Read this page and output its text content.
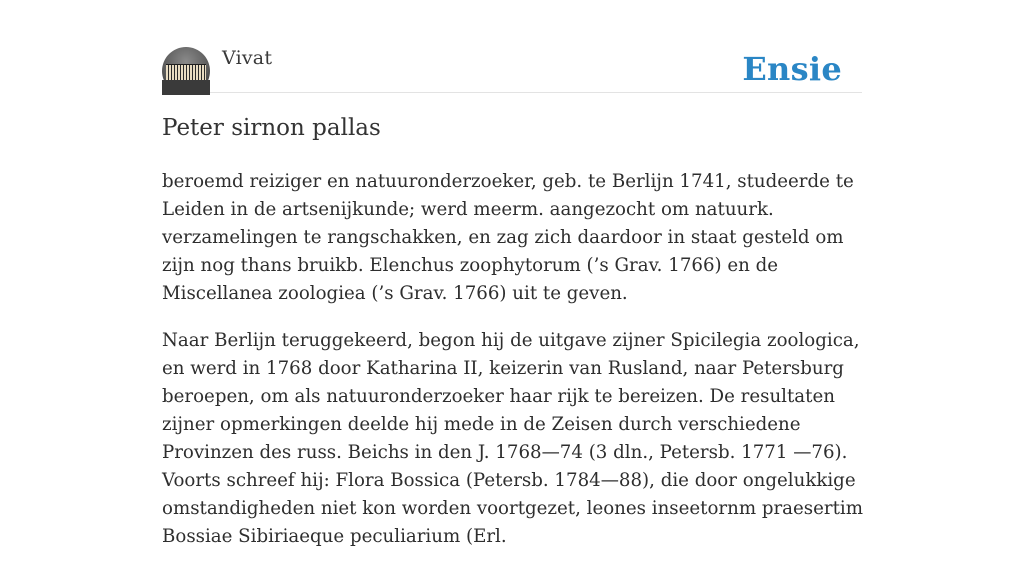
Vivat	Ensie
Peter sirnon pallas

beroemd reiziger en natuuronderzoeker, geb. te Berlijn 1741, studeerde te Leiden in de artsenijkunde; werd meerm. aangezocht om natuurk. verzamelingen te rangschakken, en zag zich daardoor in staat gesteld om zijn nog thans bruikb. Elenchus zoophytorum (’s Grav. 1766) en de Miscellanea zoologiea (’s Grav. 1766) uit te geven.

Naar Berlijn teruggekeerd, begon hij de uitgave zijner Spicilegia zoologica, en werd in 1768 door Katharina II, keizerin van Rusland, naar Petersburg beroepen, om als natuuronderzoeker haar rijk te bereizen. De resultaten zijner opmerkingen deelde hij mede in de Zeisen durch verschiedene Provinzen des russ. Beichs in den J. 1768—74 (3 dln., Petersb. 1771 —76). Voorts schreef hij: Flora Bossica (Petersb. 1784—88), die door ongelukkige omstandigheden niet kon worden voortgezet, leones inseetornm praesertim Bossiae Sibiriaeque peculiarium (Erl.
